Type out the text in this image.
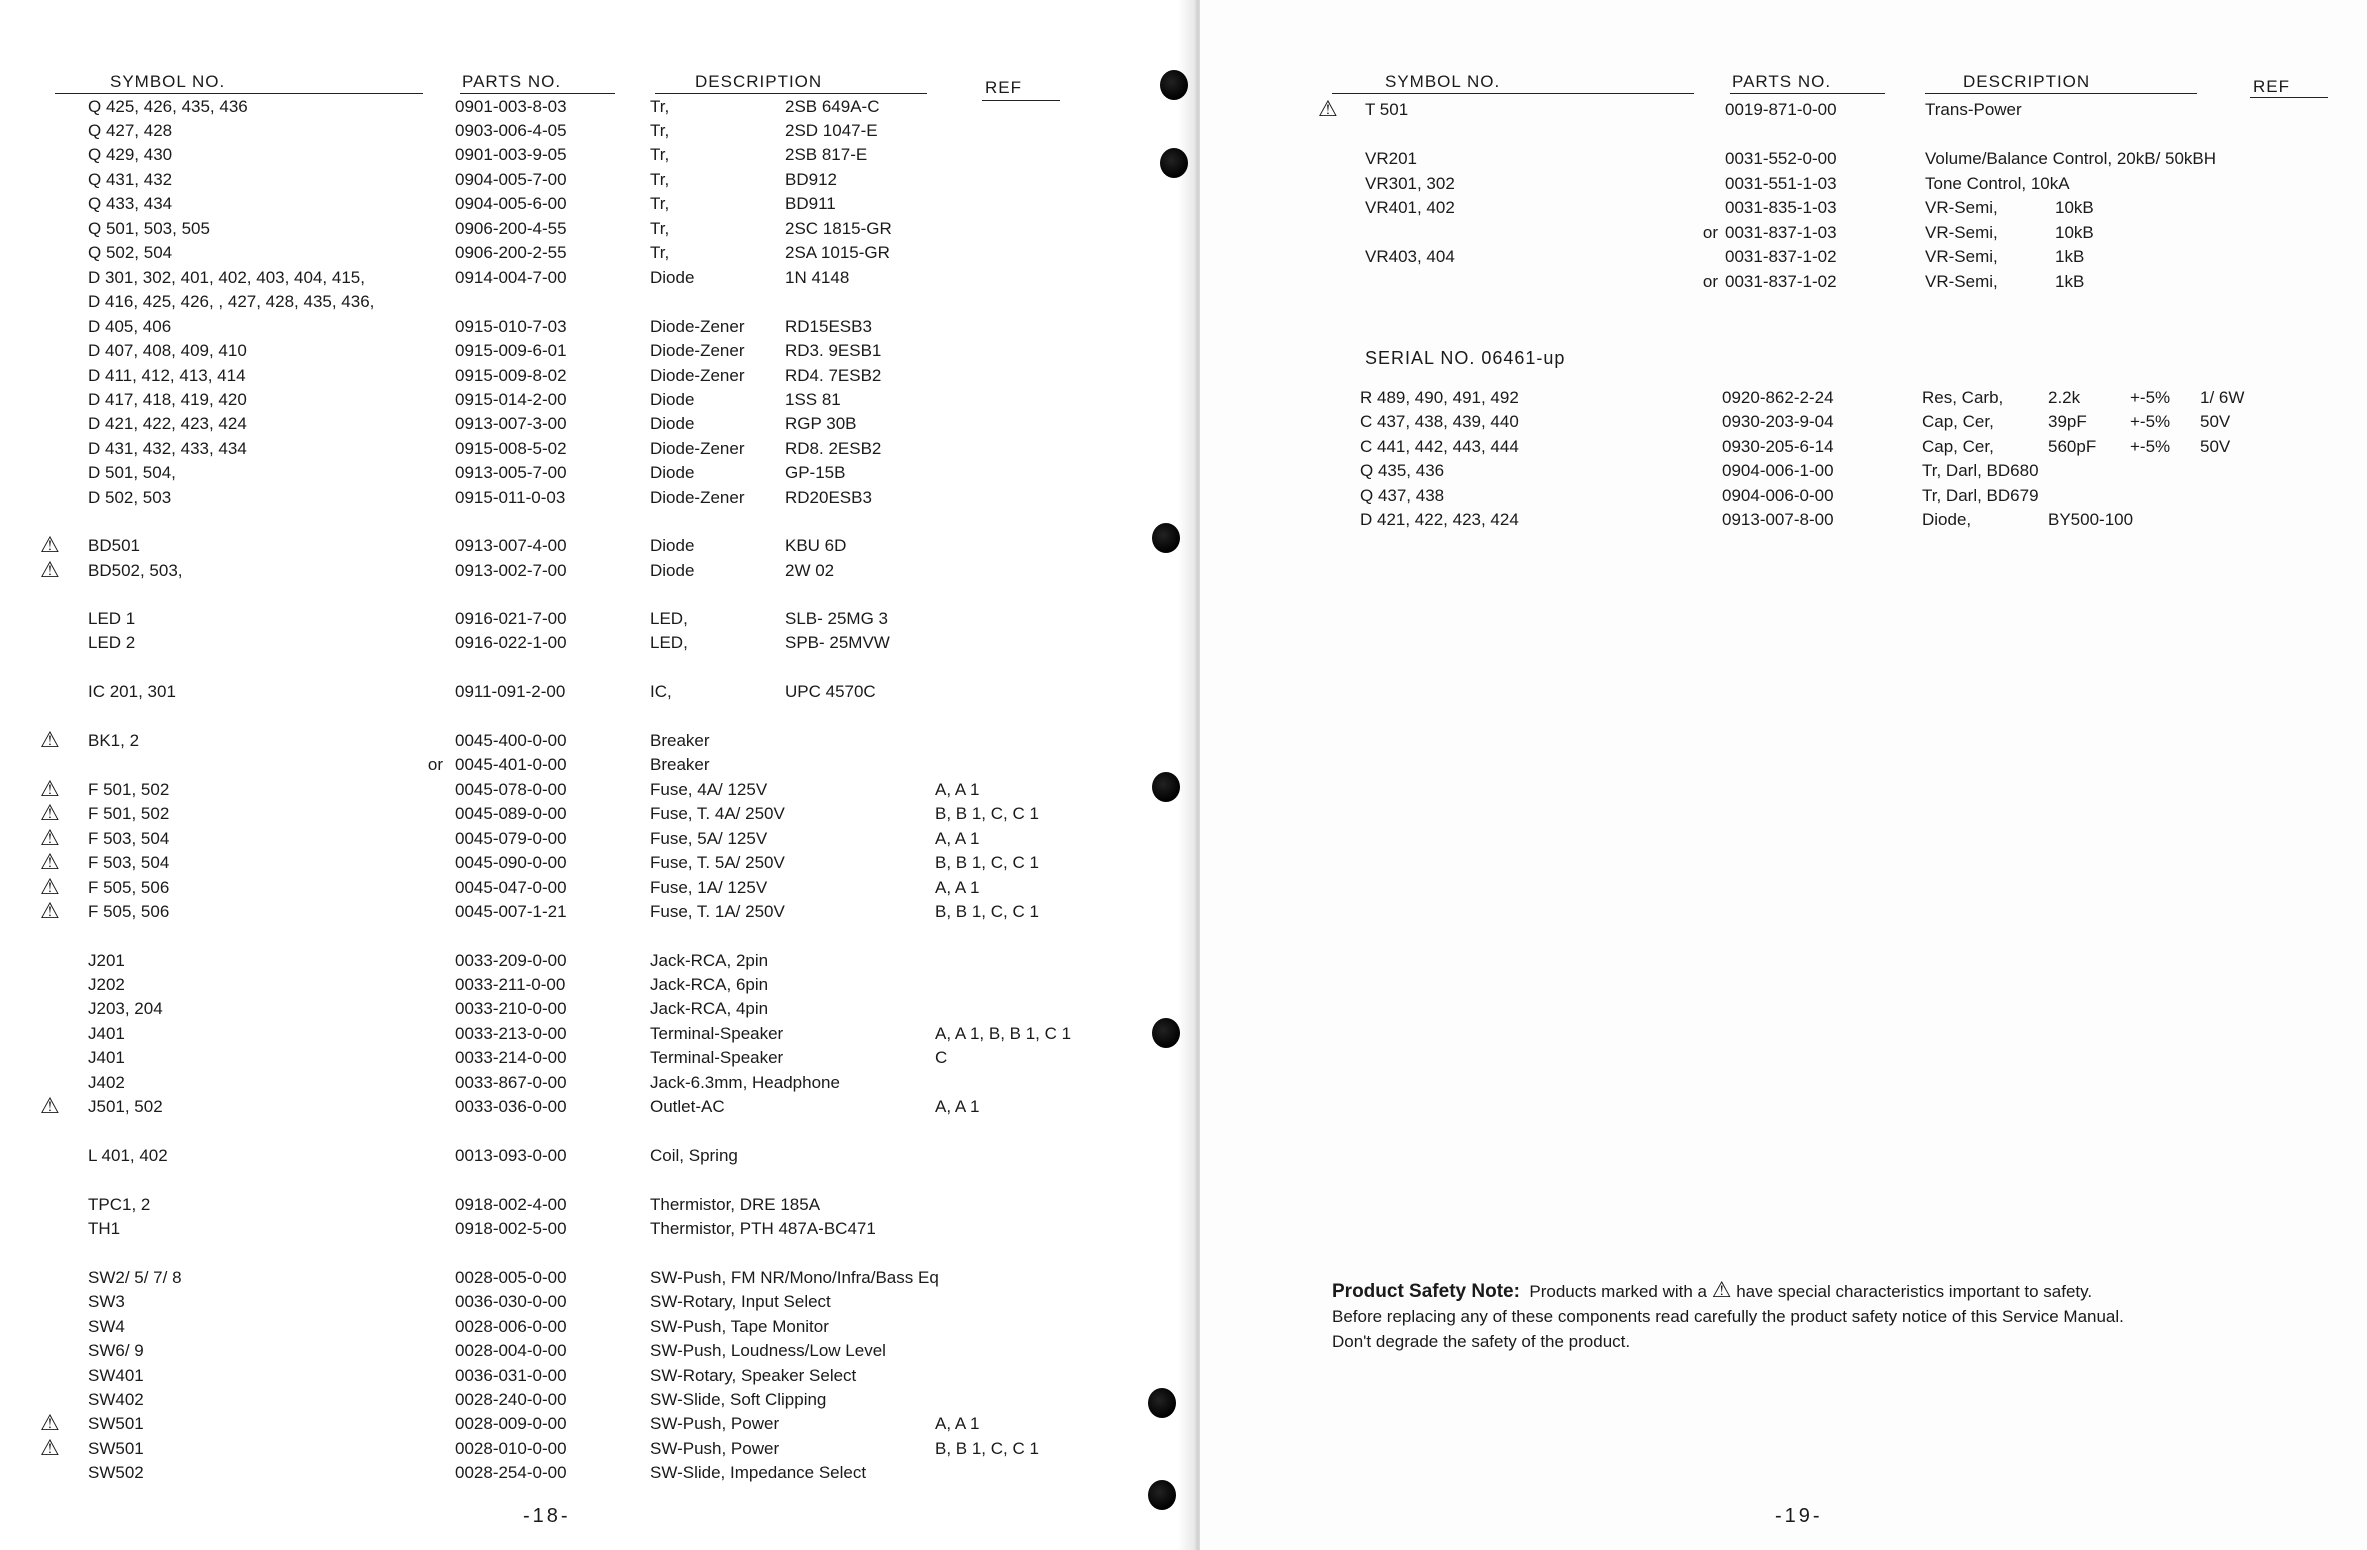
SYMBOL NO.	PARTS NO.	DESCRIPTION	REF
Q 425, 426, 435, 436	0901-003-8-03	Tr,	2SB 649A-C
Q 427, 428	0903-006-4-05	Tr,	2SD 1047-E
Q 429, 430	0901-003-9-05	Tr,	2SB 817-E
Q 431, 432	0904-005-7-00	Tr,	BD912
Q 433, 434	0904-005-6-00	Tr,	BD911
Q 501, 503, 505	0906-200-4-55	Tr,	2SC 1815-GR
Q 502, 504	0906-200-2-55	Tr,	2SA 1015-GR
D 301, 302, 401, 402, 403, 404, 415,	0914-004-7-00	Diode	1N 4148
D 416, 425, 426, , 427, 428, 435, 436,
D 405, 406	0915-010-7-03	Diode-Zener RD15ESB3
D 407, 408, 409, 410	0915-009-6-01	Diode-Zener RD3. 9ESB1
D 411, 412, 413, 414	0915-009-8-02	Diode-Zener RD4. 7ESB2
D 417, 418, 419, 420	0915-014-2-00	Diode	1SS 81
D 421, 422, 423, 424	0913-007-3-00	Diode	RGP 30B
D 431, 432, 433, 434	0915-008-5-02	Diode-Zener RD8. 2ESB2
D 501, 504,	0913-005-7-00	Diode	GP-15B
D 502, 503	0915-011-0-03	Diode-Zener RD20ESB3
⚠ BD501	0913-007-4-00	Diode	KBU 6D
⚠ BD502, 503,	0913-002-7-00	Diode	2W 02
LED 1	0916-021-7-00	LED,	SLB- 25MG 3
LED 2	0916-022-1-00	LED,	SPB- 25MVW
IC 201, 301	0911-091-2-00	IC,	UPC 4570C
⚠ BK1, 2	0045-400-0-00	Breaker
or 0045-401-0-00	Breaker
⚠ F 501, 502	0045-078-0-00	Fuse, 4A/ 125V	A, A 1
⚠ F 501, 502	0045-089-0-00	Fuse, T. 4A/ 250V	B, B 1, C, C 1
⚠ F 503, 504	0045-079-0-00	Fuse, 5A/ 125V	A, A 1
⚠ F 503, 504	0045-090-0-00	Fuse, T. 5A/ 250V	B, B 1, C, C 1
⚠ F 505, 506	0045-047-0-00	Fuse, 1A/ 125V	A, A 1
⚠ F 505, 506	0045-007-1-21	Fuse, T. 1A/ 250V	B, B 1, C, C 1
J201	0033-209-0-00	Jack-RCA, 2pin
J202	0033-211-0-00	Jack-RCA, 6pin
J203, 204	0033-210-0-00	Jack-RCA, 4pin
J401	0033-213-0-00	Terminal-Speaker	A, A 1, B, B 1, C 1
J401	0033-214-0-00	Terminal-Speaker	C
J402	0033-867-0-00	Jack-6.3mm, Headphone
⚠ J501, 502	0033-036-0-00	Outlet-AC	A, A 1
L 401, 402	0013-093-0-00	Coil, Spring
TPC1, 2	0918-002-4-00	Thermistor, DRE 185A
TH1	0918-002-5-00	Thermistor, PTH 487A-BC471
SW2/ 5/ 7/ 8	0028-005-0-00	SW-Push, FM NR/Mono/Infra/Bass Eq
SW3	0036-030-0-00	SW-Rotary, Input Select
SW4	0028-006-0-00	SW-Push, Tape Monitor
SW6/ 9	0028-004-0-00	SW-Push, Loudness/Low Level
SW401	0036-031-0-00	SW-Rotary, Speaker Select
SW402	0028-240-0-00	SW-Slide, Soft Clipping
⚠ SW501	0028-009-0-00	SW-Push, Power	A, A 1
⚠ SW501	0028-010-0-00	SW-Push, Power	B, B 1, C, C 1
SW502	0028-254-0-00	SW-Slide, Impedance Select
-18-
SYMBOL NO.	PARTS NO.	DESCRIPTION	REF
⚠ T 501	0019-871-0-00	Trans-Power
VR201	0031-552-0-00	Volume/Balance Control, 20kB/ 50kBH
VR301, 302	0031-551-1-03	Tone Control, 10kA
VR401, 402	0031-835-1-03	VR-Semi,	10kB
or 0031-837-1-03	VR-Semi,	10kB
VR403, 404	0031-837-1-02	VR-Semi,	1kB
or 0031-837-1-02	VR-Semi,	1kB
SERIAL NO. 06461-up
R 489, 490, 491, 492	0920-862-2-24	Res, Carb,	2.2k	+-5% 1/ 6W
C 437, 438, 439, 440	0930-203-9-04	Cap, Cer,	39pF	+-5% 50V
C 441, 442, 443, 444	0930-205-6-14	Cap, Cer,	560pF +-5% 50V
Q 435, 436	0904-006-1-00	Tr, Darl, BD680
Q 437, 438	0904-006-0-00	Tr, Darl, BD679
D 421, 422, 423, 424	0913-007-8-00	Diode,	BY500-100
Product Safety Note: Products marked with a ⚠ have special characteristics important to safety.
Before replacing any of these components read carefully the product safety notice of this Service Manual.
Don't degrade the safety of the product.
-19-
